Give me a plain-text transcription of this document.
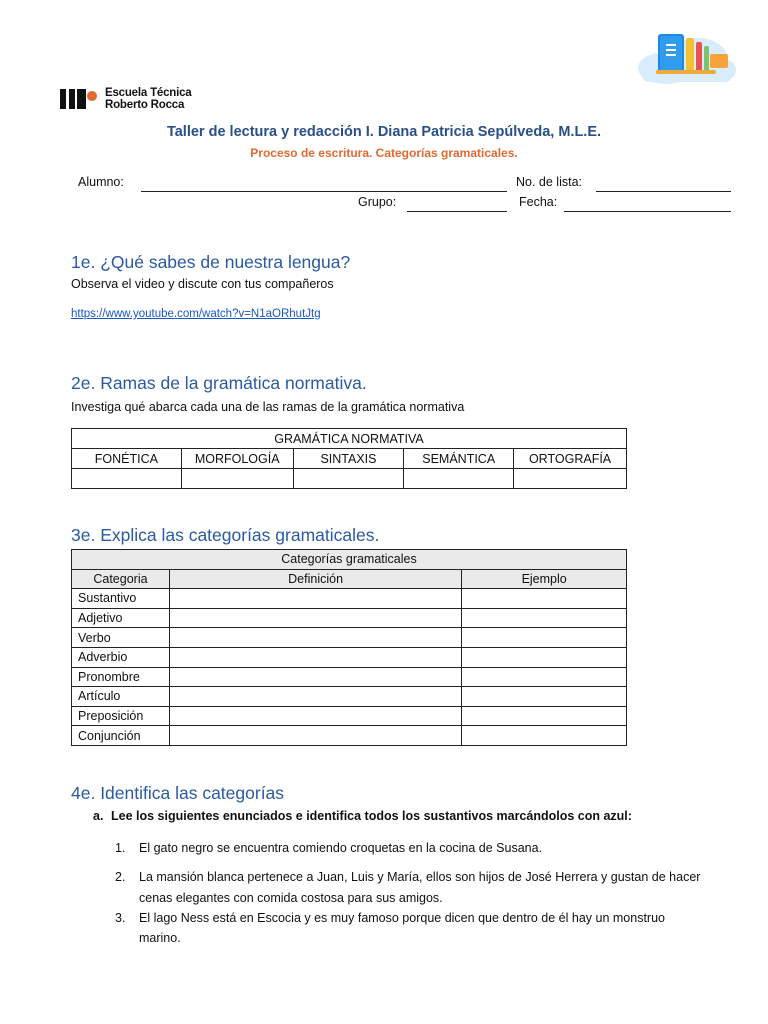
Escuela Técnica
Roberto Rocca
Taller de lectura y redacción I. Diana Patricia Sepúlveda, M.L.E.
Proceso de escritura. Categorías gramaticales.
Alumno:	No. de lista:
Grupo:	Fecha:
1e. ¿Qué sabes de nuestra lengua?
Observa el video y discute con tus compañeros
https://www.youtube.com/watch?v=N1aORhutJtg
2e. Ramas de la gramática normativa.
Investiga qué abarca cada una de las ramas de la gramática normativa
GRAMÁTICA NORMATIVA				
FONÉTICA	MORFOLOGÍA	SINTAXIS	SEMÁNTICA	ORTOGRAFÍA

3e. Explica las categorías gramaticales.
Categorías gramaticales		
Categoria	Definición	Ejemplo
Sustantivo		
Adjetivo		
Verbo		
Adverbio		
Pronombre		
Artículo		
Preposición		
Conjunción		
4e. Identifica las categorías
a. Lee los siguientes enunciados e identifica todos los sustantivos marcándolos con azul:
1. El gato negro se encuentra comiendo croquetas en la cocina de Susana.
2. La mansión blanca pertenece a Juan, Luis y María, ellos son hijos de José Herrera y gustan de hacer cenas elegantes con comida costosa para sus amigos.
3. El lago Ness está en Escocia y es muy famoso porque dicen que dentro de él hay un monstruo marino.
